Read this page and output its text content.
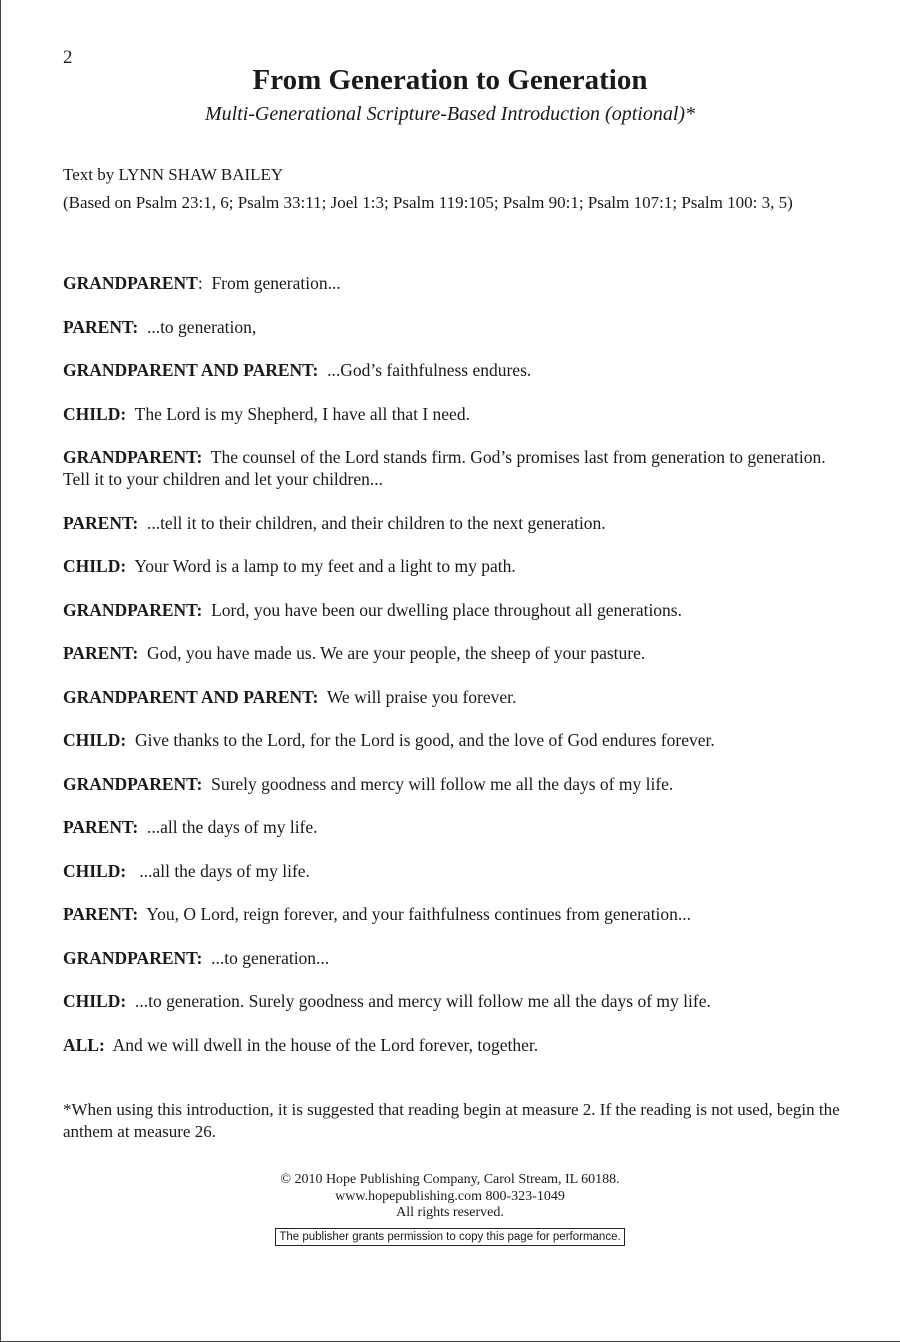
2
From Generation to Generation
Multi-Generational Scripture-Based Introduction (optional)*
Text by LYNN SHAW BAILEY
(Based on Psalm 23:1, 6; Psalm 33:11; Joel 1:3; Psalm 119:105; Psalm 90:1; Psalm 107:1; Psalm 100: 3, 5)
GRANDPARENT:  From generation...
PARENT: ...to generation,
GRANDPARENT AND PARENT: ...God’s faithfulness endures.
CHILD: The Lord is my Shepherd, I have all that I need.
GRANDPARENT: The counsel of the Lord stands firm. God’s promises last from generation to generation. Tell it to your children and let your children...
PARENT: ...tell it to their children, and their children to the next generation.
CHILD: Your Word is a lamp to my feet and a light to my path.
GRANDPARENT: Lord, you have been our dwelling place throughout all generations.
PARENT: God, you have made us. We are your people, the sheep of your pasture.
GRANDPARENT AND PARENT: We will praise you forever.
CHILD: Give thanks to the Lord, for the Lord is good, and the love of God endures forever.
GRANDPARENT: Surely goodness and mercy will follow me all the days of my life.
PARENT: ...all the days of my life.
CHILD: ...all the days of my life.
PARENT: You, O Lord, reign forever, and your faithfulness continues from generation...
GRANDPARENT: ...to generation...
CHILD: ...to generation. Surely goodness and mercy will follow me all the days of my life.
ALL: And we will dwell in the house of the Lord forever, together.
*When using this introduction, it is suggested that reading begin at measure 2. If the reading is not used, begin the anthem at measure 26.
© 2010 Hope Publishing Company, Carol Stream, IL 60188.
www.hopepublishing.com 800-323-1049
All rights reserved.
The publisher grants permission to copy this page for performance.
